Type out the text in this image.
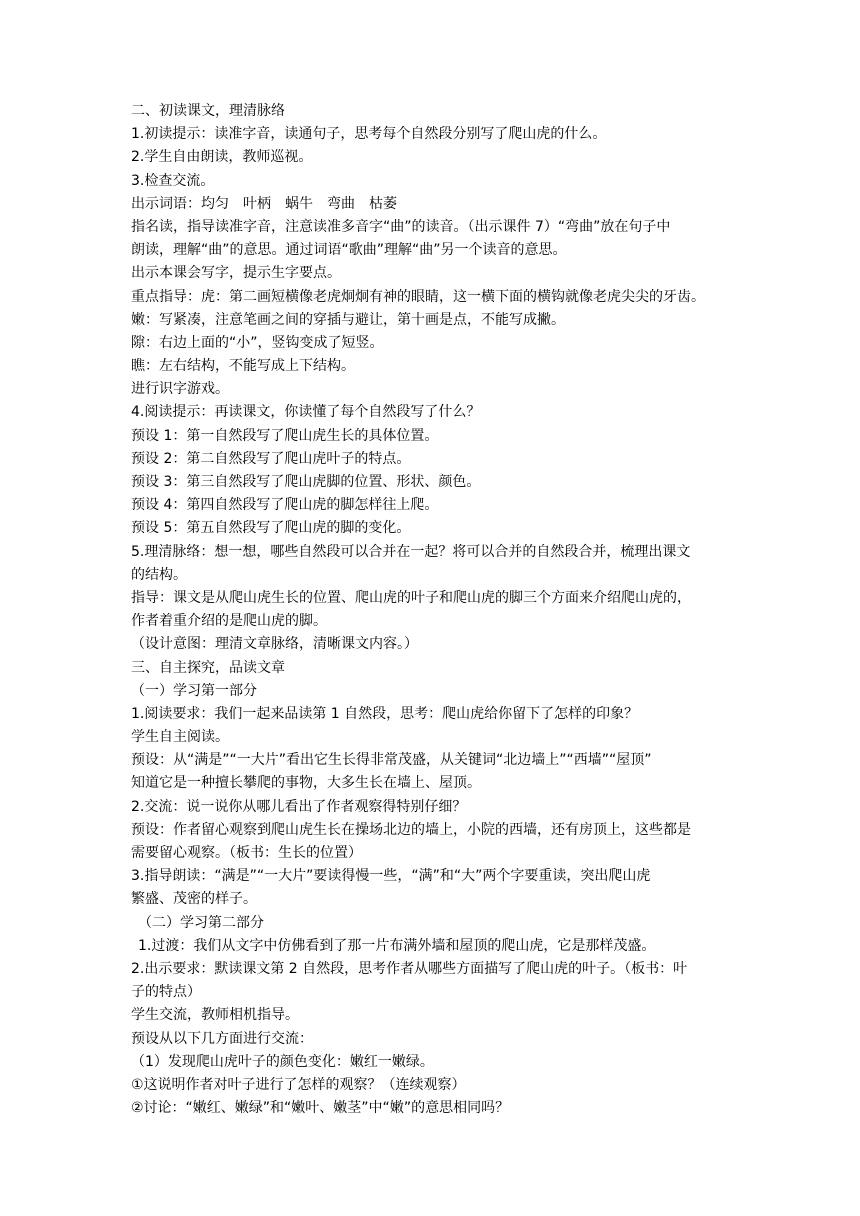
二、初读课文，理清脉络
1.初读提示：读准字音，读通句子，思考每个自然段分别写了爬山虎的什么。
2.学生自由朗读，教师巡视。
3.检查交流。
出示词语：均匀　叶柄　蜗牛　弯曲　枯萎
指名读，指导读准字音，注意读准多音字“曲”的读音。（出示课件 7）“弯曲”放在句子中
朗读，理解“曲”的意思。通过词语“歌曲”理解“曲”另一个读音的意思。
出示本课会写字，提示生字要点。
重点指导：虎：第二画短横像老虎炯炯有神的眼睛，这一横下面的横钩就像老虎尖尖的牙齿。
嫩：写紧凑，注意笔画之间的穿插与避让，第十画是点，不能写成撇。
隙：右边上面的“小”，竖钩变成了短竖。
瞧：左右结构，不能写成上下结构。
进行识字游戏。
4.阅读提示：再读课文，你读懂了每个自然段写了什么？
预设 1：第一自然段写了爬山虎生长的具体位置。
预设 2：第二自然段写了爬山虎叶子的特点。
预设 3：第三自然段写了爬山虎脚的位置、形状、颜色。
预设 4：第四自然段写了爬山虎的脚怎样往上爬。
预设 5：第五自然段写了爬山虎的脚的变化。
5.理清脉络：想一想，哪些自然段可以合并在一起？将可以合并的自然段合并，梳理出课文
的结构。
指导：课文是从爬山虎生长的位置、爬山虎的叶子和爬山虎的脚三个方面来介绍爬山虎的，
作者着重介绍的是爬山虎的脚。
（设计意图：理清文章脉络，清晰课文内容。）
三、自主探究，品读文章
（一）学习第一部分
1.阅读要求：我们一起来品读第 1 自然段，思考：爬山虎给你留下了怎样的印象？
学生自主阅读。
预设：从“满是”“一大片”看出它生长得非常茂盛，从关键词“北边墙上”“西墙”“屋顶”
知道它是一种擅长攀爬的事物，大多生长在墙上、屋顶。
2.交流：说一说你从哪儿看出了作者观察得特别仔细？
预设：作者留心观察到爬山虎生长在操场北边的墙上，小院的西墙，还有房顶上，这些都是
需要留心观察。（板书：生长的位置）
3.指导朗读：“满是”“一大片”要读得慢一些，“满”和“大”两个字要重读，突出爬山虎
繁盛、茂密的样子。
（二）学习第二部分
1.过渡：我们从文字中仿佛看到了那一片布满外墙和屋顶的爬山虎，它是那样茂盛。
2.出示要求：默读课文第 2 自然段，思考作者从哪些方面描写了爬山虎的叶子。（板书：叶
子的特点）
学生交流，教师相机指导。
预设从以下几方面进行交流：
（1）发现爬山虎叶子的颜色变化：嫩红一嫩绿。
①这说明作者对叶子进行了怎样的观察？（连续观察）
②讨论：“嫩红、嫩绿”和“嫩叶、嫩茎”中“嫩”的意思相同吗？
